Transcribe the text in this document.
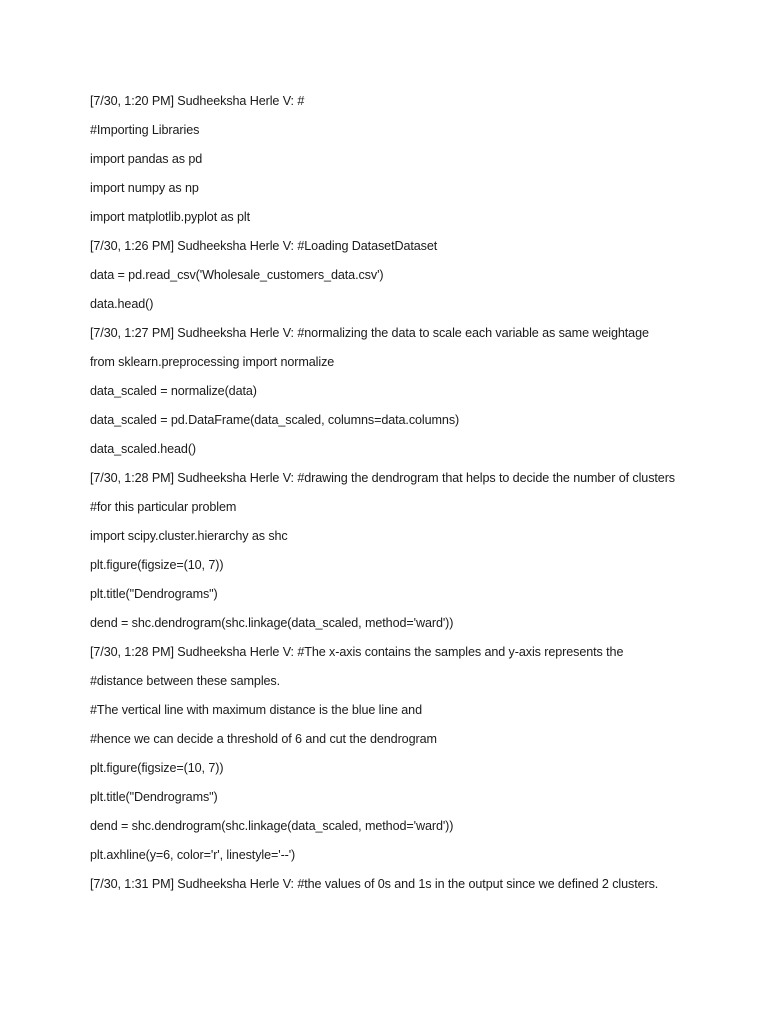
[7/30, 1:20 PM] Sudheeksha Herle V: #

#Importing Libraries

import pandas as pd

import numpy as np

import matplotlib.pyplot as plt

[7/30, 1:26 PM] Sudheeksha Herle V: #Loading DatasetDataset

data = pd.read_csv('Wholesale_customers_data.csv')

data.head()

[7/30, 1:27 PM] Sudheeksha Herle V: #normalizing the data to scale each variable as same weightage

from sklearn.preprocessing import normalize

data_scaled = normalize(data)

data_scaled = pd.DataFrame(data_scaled, columns=data.columns)

data_scaled.head()

[7/30, 1:28 PM] Sudheeksha Herle V: #drawing the dendrogram that helps to decide the number of clusters

#for this particular problem

import scipy.cluster.hierarchy as shc

plt.figure(figsize=(10, 7))

plt.title("Dendrograms")

dend = shc.dendrogram(shc.linkage(data_scaled, method='ward'))

[7/30, 1:28 PM] Sudheeksha Herle V: #The x-axis contains the samples and y-axis represents the

#distance between these samples.

#The vertical line with maximum distance is the blue line and

#hence we can decide a threshold of 6 and cut the dendrogram

plt.figure(figsize=(10, 7))

plt.title("Dendrograms")

dend = shc.dendrogram(shc.linkage(data_scaled, method='ward'))

plt.axhline(y=6, color='r', linestyle='--')

[7/30, 1:31 PM] Sudheeksha Herle V: #the values of 0s and 1s in the output since we defined 2 clusters.
